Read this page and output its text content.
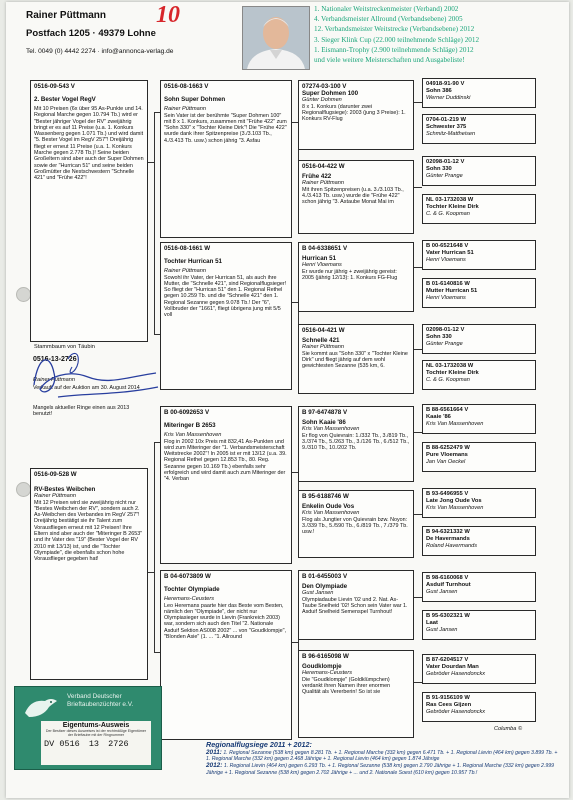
Rainer Püttmann
Postfach 1205 · 49379 Lohne
Tel. 0049 (0) 4442 2274 · info@annonca-verlag.de
10	1. Nationaler Weitstreckenmeister (Verband) 2002
4. Verbandsmeister Allround (Verbandsebene) 2005
12. Verbandsmeister Weitstrecke (Verbandsebene) 2012
3. Sieger Klink Cup (22.000 teilnehmende Schläge) 2012
1. Eismann-Trophy (2.900 teilnehmende Schläge) 2012
und viele weitere Meisterschaften und Ausgabeliste!
0516-09-543 V
2. Bester Vogel RegV
Mit 10 Preisen (6x über 95 As-Punkte und 14. Regional Marche gegen 10.794 Tb.) wird er "Bester jähriger Vogel der RV" zweijährig bringt er es auf 11 Preise (u.a. 1. Konkurs Wassenberg gegen 1.071 Tb.) und wird damit "5. Bester Vogel im RegV 257"! Dreijährig fliegt er erneut 11 Preise (u.a. 1. Konkurs Marche gegen 2.778 Tb.)! Seine beiden Großeltern sind aber auch der Super Dohmen sowie der "Hurrican 51" und seine beiden Großmütter die Nestschwestern "Schnelle 421" und "Frühe 422"!
Stammbaum von Täubin
0516-13-2726
Rainer Püttmann
Verkauft auf der Auktion am 30. August 2014
Mangels aktueller Ringe einen aus 2013 benutzt!
0516-09-528 W
RV-Bestes Weibchen
Rainer Püttmann
Mit 12 Preisen wird sie zweijährig nicht nur "Bestes Weibchen der RV", sondern auch 2. As-Weibchen des Verbandes im RegV 257"! Dreijährig bestätigt sie ihr Talent zum Vorausfliegen erneut mit 12 Preisen! Ihre Eltern sind aber auch der "Miteringer B 2653" und ihr Vater des "19" (Bester Vogel der RV 2010 mit 13/13) ist, und die "Tochter Olympiade", die ebenfalls schon hohe Vorausflieger gegeben hat!
0516-08-1663 V
Sohn Super Dohmen
Rainer Püttmann
Sein Vater ist der berühmte "Super Dohmen 100" mit 8 x 1. Konkurs, zusammen mit "Frühe 422" zum "Sohn 330" x "Tochter Kleine Dirk"! Die "Frühe 422" wurde dank ihrer Spitzenpreise (3./3.103 Tb., 4./3.413 Tb. usw.) schon jährig "3. Asfau
0516-08-1661 W
Tochter Hurrican 51
Rainer Püttmann
Sowohl ihr Vater, der Hurrican 51, als auch ihre Mutter, die "Schnelle 421", sind Regionalflugsieger! So fliegt der "Hurrican 51" den 1. Regional Rethel gegen 10.259 Tb. und die "Schnelle 421" den 1. Regional Sezanne gegen 9.078 Tb.! Der "6", Vollbruder der "1661", fliegt übrigens jung mit 5/5 voll
B 00-6092653 V
Miteringer B 2653
Kris Van Massenhoven
Flog in 2002 10x Preis mit 832,41 As-Punkten und wird zum Miteringer der "1. Verbandsmeisterschaft Weitstrecke 2002"! In 2005 ist er mit 13/12 (u.a. 39. Regional Rethel gegen 12.853 Tb., 80. Reg. Sezanne gegen 10.169 Tb.) ebenfalls sehr erfolgreich und wird damit auch zum Miteringer der "4. Verban
B 04-6073809 W
Tochter Olympiade
Heremans-Ceusters
Leo Heremans paarte hier das Beste vom Besten, nämlich den "Olympiade", der nicht nur Olympiasieger wurde in Lievin (Frankreich 2003) war, sondern sich auch den Titel "2. Nationale Asduif Sektion AS008 2002" ... von "Goudklompje", "Blonden Asie" (1. ... "1. Allround
07274-03-100 V
Super Dohmen 100
Günter Dohmen
8 x 1. Konkurs (darunter zwei Regionalflugsiege): 2003 (jung 3 Preise): 1. Konkurs RV-Flug
0516-04-422 W
Frühe 422
Rainer Püttmann
Mit ihren Spitzenpreisen (u.a. 3./3.103 Tb., 4./3.413 Tb. usw.) wurde die "Frühe 422" schon jährig "3. Astaube Monat Mai im
B 04-6338651 V
Hurrican 51
Henri Vloemans
Er wurde nur jährig + zweijährig gereist: 2005 (jährig 12/13): 1. Konkurs FG-Flug
0516-04-421 W
Schnelle 421
Rainer Püttmann
Sie kommt aus "Sohn 330" x "Tochter Kleine Dirk" und fliegt jährig auf dem wohl gewichtesten Sezanne (535 km, 6.
B 97-6474878 V
Sohn Kaaie '86
Kris Van Massenhoven
Er flog von Quievrain: 1./332 Tb., 3./819 Tb., 3./374 Tb., 5./263 Tb., 3./126 Tb., 6./512 Tb., 9./310 Tb., 10./202 Tb.
B 95-6188746 W
Enkelin Oude Vos
Kris Van Massenhoven
Flog als Jungtier von Quievrain bzw. Noyon: 3./339 Tb., 5./590 Tb., 6./819 Tb., 7./379 Tb. usw.!
B 01-6455003 V
Den Olympiade
Gust Jansen
Olympiadaube Lievin '02 und 2. Nat. As-Taube Snelheid '02! Schon sein Vater war 1. Asduif Snelheid Semenspel Turnhout!
B 96-6165098 W
Goudklompje
Heremans-Ceusters
Die "Goudklompje" (Goldklümpchen) verdankt ihren Namen ihrer enormen Qualität als Vererberin! So ist sie
04918-91-90 V
Sohn 386
Werner Duddinski
0704-01-219 W
Schwester 375
Schmitz-Mattheisen
02098-01-12 V
Sohn 330
Günter Prange
NL 03-1732038 W
Tochter Kleine Dirk
C. & G. Koopman
B 00-6521648 V
Vater Hurrican 51
Henri Vloemans
B 01-6140816 W
Mutter Hurrican 51
Henri Vloemans
02098-01-12 V
Sohn 330
Günter Prange
NL 03-1732038 W
Tochter Kleine Dirk
C. & G. Koopman
B 88-6561664 V
Kaaie '86
Kris Van Massenhoven
B 88-6252479 W
Pure Vloemans
Jan Van Oeckel
B 93-6496955 V
Late Jong Oude Vos
Kris Van Massenhoven
B 94-6321332 W
De Havermands
Roland Havermands
B 98-6160068 V
Asduif Turnhout
Gust Jansen
B 95-6302321 W
Laat
Gust Jansen
B 87-6204517 V
Vater Dourdan Man
Gebröder Hasendonckx
B 91-9156109 W
Ras Cees Gijzen
Gebröder Hasendonckx
Columba ©
Verband Deutscher
Brieftaubenzüchter e.V.
Eigentums-Ausweis
Der Besitzer dieses Ausweises ist der rechtmäßige Eigentümer der Brieftaube mit der Ringnummer
DV 0516 13 2726	Regionalflugsiege 2011 + 2012:
2011: 1. Regional Sezanne (538 km) gegen 8.281 Tb. + 1. Regional Marche (332 km) gegen 6.471 Tb. + 1. Regional Lievin (464 km) gegen 3.899 Tb. + 1. Regional Marche (332 km) gegen 2.468 Jährige + 1. Regional Lievin (464 km) gegen 1.874 Jährige
2012: 1. Regional Lievin (464 km) gegen 6.293 Tb. + 1. Regional Sezanne (538 km) gegen 2.790 Jährige + 1. Regional Marche (332 km) gegen 2.999 Jährige + 1. Regional Sezanne (538 km) gegen 2.702 Jährige + ... und 2. Nationale Soest (610 km) gegen 10.957 Tb.!
